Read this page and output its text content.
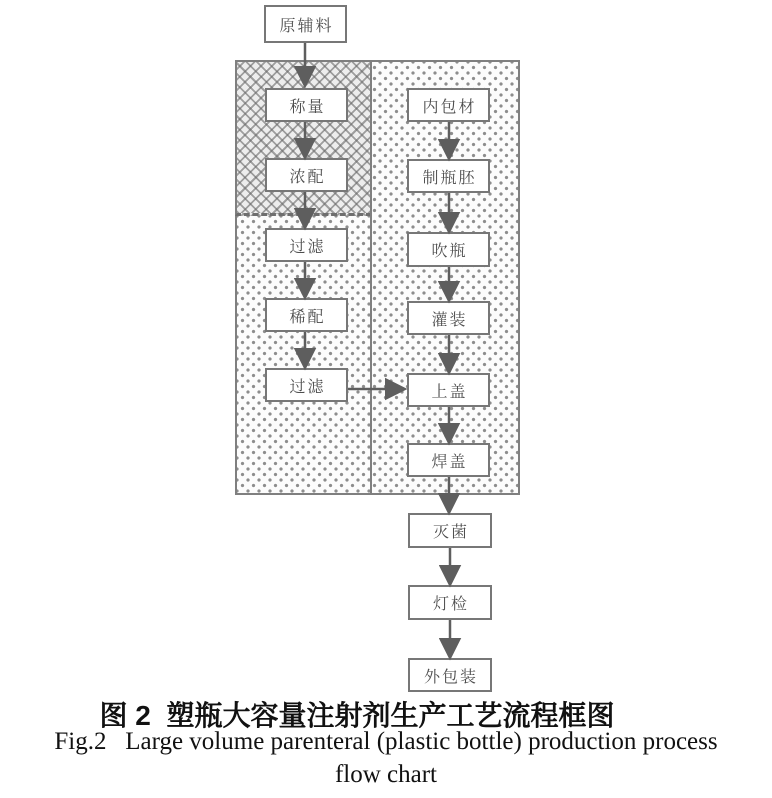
原辅料
称量
浓配
过滤
稀配
过滤
内包材
制瓶胚
吹瓶
灌装
上盖
焊盖
灭菌
灯检
外包装
图 2  塑瓶大容量注射剂生产工艺流程框图
Fig.2   Large volume parenteral (plastic bottle) production process
flow chart
